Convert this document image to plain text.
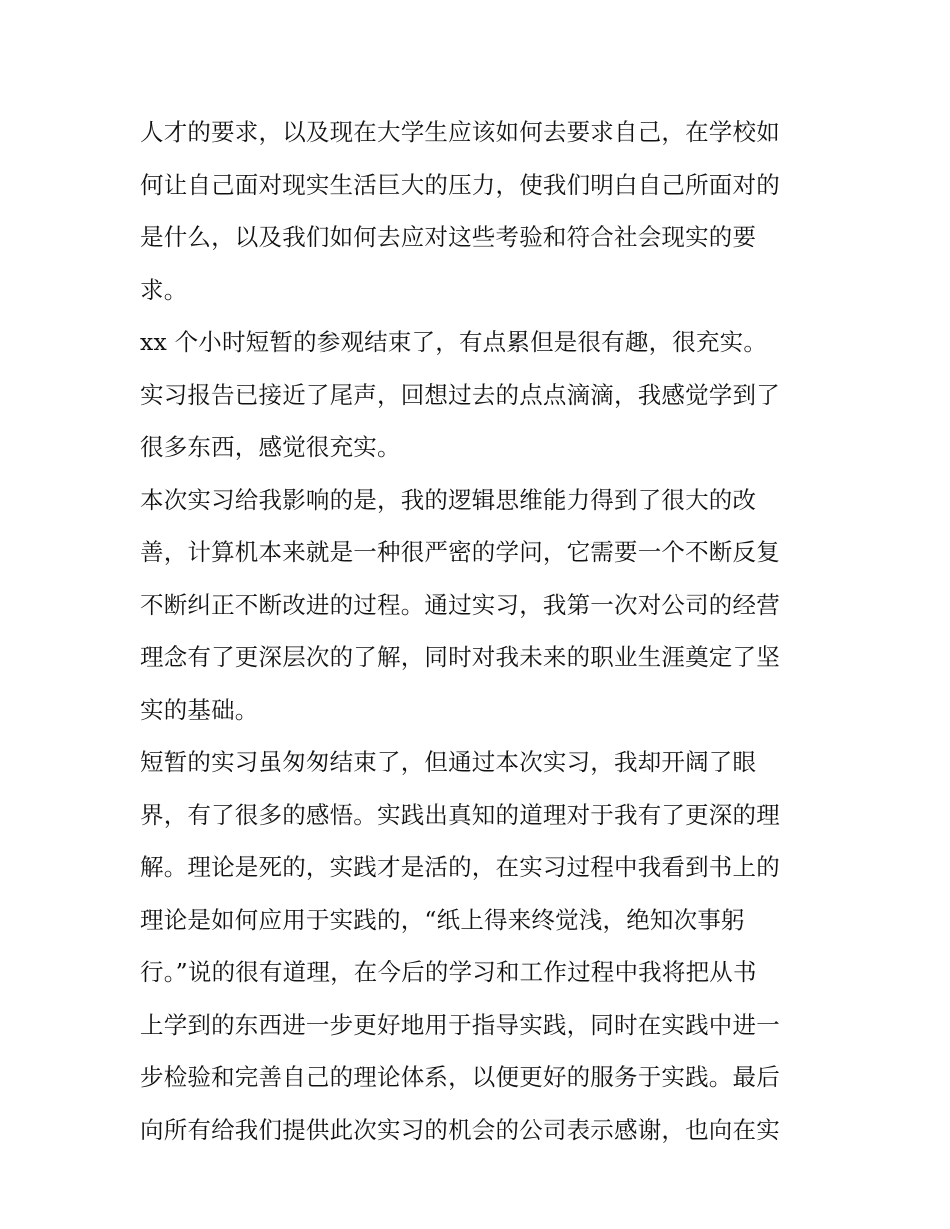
人才的要求，以及现在大学生应该如何去要求自己，在学校如
何让自己面对现实生活巨大的压力，使我们明白自己所面对的
是什么，以及我们如何去应对这些考验和符合社会现实的要
求。
xx 个小时短暂的参观结束了，有点累但是很有趣，很充实。
实习报告已接近了尾声，回想过去的点点滴滴，我感觉学到了
很多东西，感觉很充实。
本次实习给我影响的是，我的逻辑思维能力得到了很大的改
善，计算机本来就是一种很严密的学问，它需要一个不断反复
不断纠正不断改进的过程。通过实习，我第一次对公司的经营
理念有了更深层次的了解，同时对我未来的职业生涯奠定了坚
实的基础。
短暂的实习虽匆匆结束了，但通过本次实习，我却开阔了眼
界，有了很多的感悟。实践出真知的道理对于我有了更深的理
解。理论是死的，实践才是活的，在实习过程中我看到书上的
理论是如何应用于实践的，“纸上得来终觉浅，绝知次事躬
行。”说的很有道理，在今后的学习和工作过程中我将把从书
上学到的东西进一步更好地用于指导实践，同时在实践中进一
步检验和完善自己的理论体系，以便更好的服务于实践。最后
向所有给我们提供此次实习的机会的公司表示感谢，也向在实
